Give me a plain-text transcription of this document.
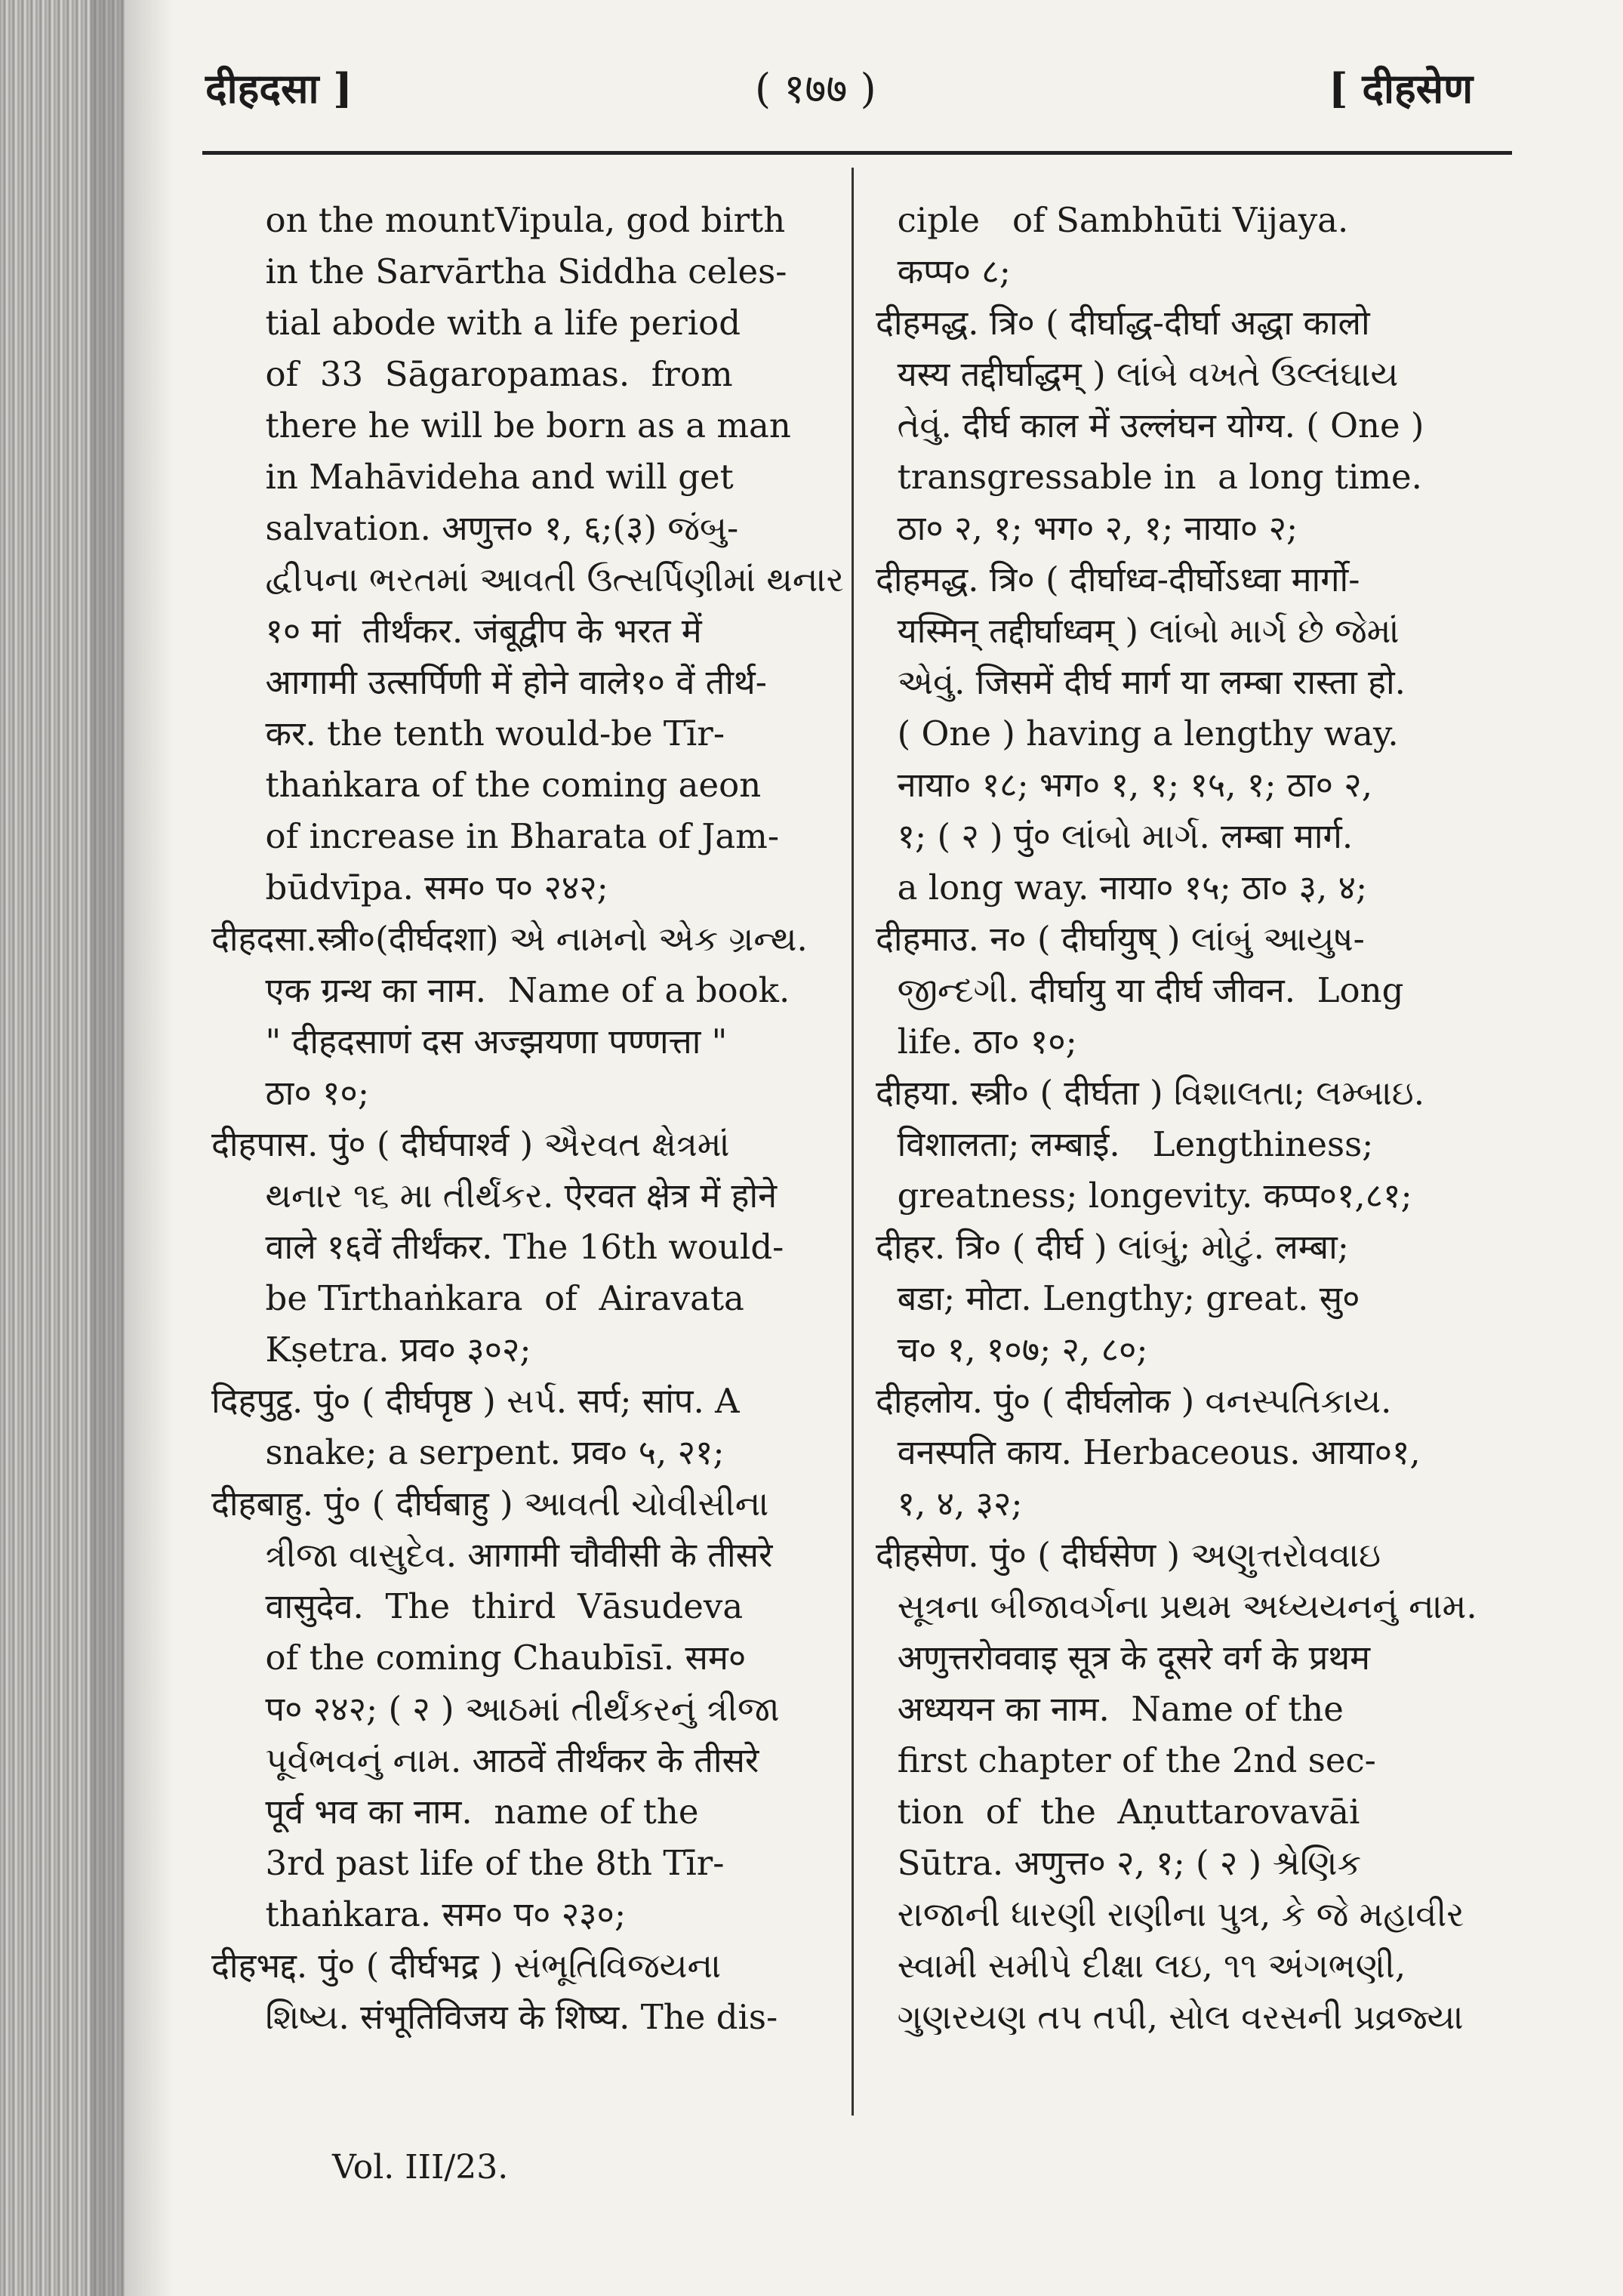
दीहदसा ]	( १७७ )	[ दीहसेण
on the mountVipula, god birth
in the Sarvārtha Siddha celes-
tial abode with a life period
of  33  Sāgaropamas.  from
there he will be born as a man
in Mahāvideha and will get
salvation. अणुत्त० १, ६;(३) જંબુ-
દ્વીપના ભરતમાં આવતી ઉત્સર્પિણીમાં થનાર
१० मां  तीर्थंकर. जंबूद्वीप के भरत में
आगामी उत्सर्पिणी में होने वाले१० वें तीर्थ-
कर. the tenth would-be Tīr-
thaṅkara of the coming aeon
of increase in Bharata of Jam-
būdvīpa. सम० प० २४२;
दीहदसा.स्त्री०(दीर्घदशा) એ નામનો એક ગ્રન્થ.
एक ग्रन्थ का नाम.  Name of a book.
" दीहदसाणं दस अज्झयणा पण्णत्ता "
ठा० १०;
दीहपास. पुं० ( दीर्घपार्श्व ) ઐરવત ક્ષેત્રમાં
થનાર ૧૬ મા તીર્થંકર. ऐरवत क्षेत्र में होने
वाले १६वें तीर्थंकर. The 16th would-
be Tīrthaṅkara  of  Airavata
Kṣetra. प्रव० ३०२;
दिहपुट्ठ. पुं० ( दीर्घपृष्ठ ) સર્પ. सर्प; सांप. A
snake; a serpent. प्रव० ५, २१;
दीहबाहु. पुं० ( दीर्घबाहु ) આવતી ચોવીસીના
ત્રીજા વાસુદેવ. आगामी चौवीसी के तीसरे
वासुदेव.  The  third  Vāsudeva
of the coming Chaubīsī. सम०
प० २४२; ( २ ) આઠમાં તીર્થંકરનું ત્રીજા
પૂર્વભવનું નામ. आठवें तीर्थंकर के तीसरे
पूर्व भव का नाम.  name of the
3rd past life of the 8th Tīr-
thaṅkara. सम० प० २३०;
दीहभद्द. पुं० ( दीर्घभद्र ) સંભૂતિવિજયના
શિષ્ય. संभूतिविजय के शिष्य. The dis-
ciple   of Sambhūti Vijaya.
कप्प० ८;
दीहमद्ध. त्रि० ( दीर्घाद्ध-दीर्घा अद्धा कालो
यस्य तद्दीर्घाद्धम् ) લાંબે વખતે ઉલ્લંઘાય
તેવું. दीर्घ काल में उल्लंघन योग्य. ( One )
transgressable in  a long time.
ठा० २, १; भग० २, १; नाया० २;
दीहमद्ध. त्रि० ( दीर्घाध्व-दीर्घोऽध्वा मार्गो-
यस्मिन् तद्दीर्घाध्वम् ) લાંબો માર્ગ છે જેમાં
એવું. जिसमें दीर्घ मार्ग या लम्बा रास्ता हो.
( One ) having a lengthy way.
नाया० १८; भग० १, १; १५, १; ठा० २,
१; ( २ ) पुं० લાંબો માર્ગ. लम्बा मार्ग.
a long way. नाया० १५; ठा० ३, ४;
दीहमाउ. न० ( दीर्घायुष् ) લાંબું આયુષ-
જીન્દગી. दीर्घायु या दीर्घ जीवन.  Long
life. ठा० १०;
दीहया. स्त्री० ( दीर्घता ) વિશાલતા; લમ્બાઇ.
विशालता; लम्बाई.   Lengthiness;
greatness; longevity. कप्प०१,८१;
दीहर. त्रि० ( दीर्घ ) લાંબું; મોટું. लम्बा;
बडा; मोटा. Lengthy; great. सु०
च० १, १०७; २, ८०;
दीहलोय. पुं० ( दीर्घलोक ) વનસ્પતિકાય.
वनस्पति काय. Herbaceous. आया०१,
१, ४, ३२;
दीहसेण. पुं० ( दीर्घसेण ) અણુત્તરોવવાઇ
સૂત્રના બીજાવર્ગના પ્રથમ અધ્યયનનું નામ.
अणुत्तरोववाइ सूत्र के दूसरे वर्ग के प्रथम
अध्ययन का नाम.  Name of the
first chapter of the 2nd sec-
tion  of  the  Aṇuttarovavāi
Sūtra. अणुत्त० २, १; ( २ ) શ્રેણિક
રાજાની ધારણી રાણીના પુત્ર, કે જે મહાવીર
સ્વામી સમીપે દીક્ષા લઇ, ૧૧ અંગભણી,
ગુણરયણ તપ તપી, સોલ વરસની પ્રવ્રજ્યા
Vol. III/23.
